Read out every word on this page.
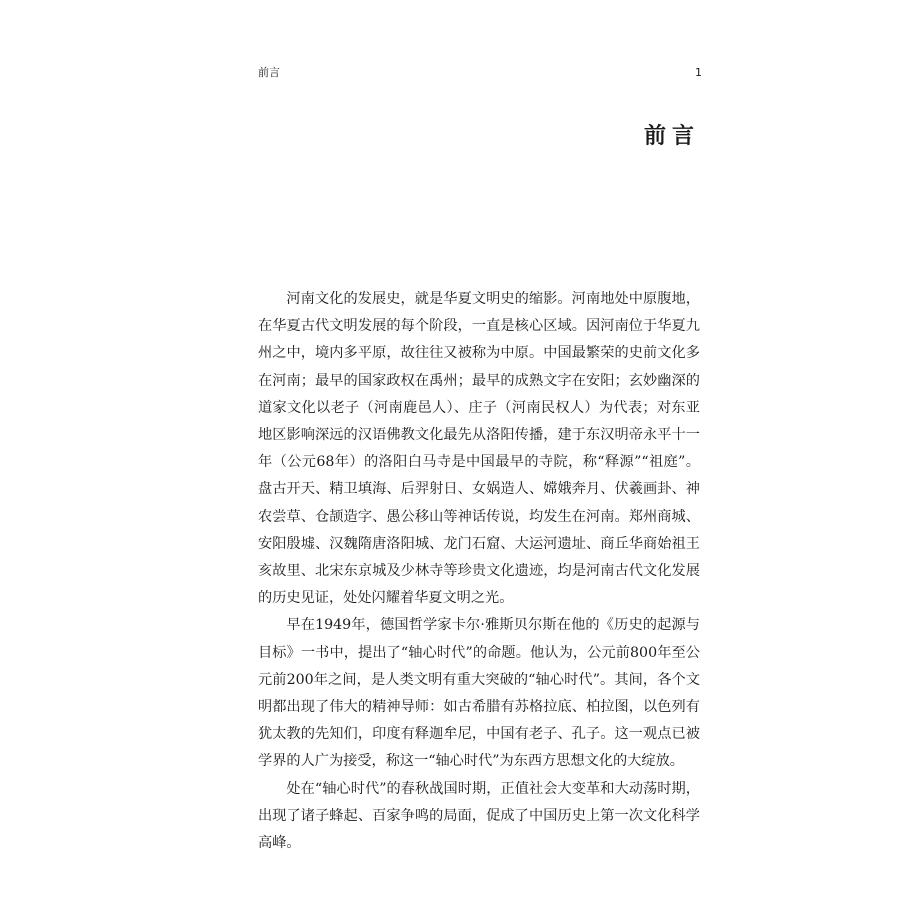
前言	1
前言

河南文化的发展史，就是华夏文明史的缩影。河南地处中原腹地，在华夏古代文明发展的每个阶段，一直是核心区域。因河南位于华夏九州之中，境内多平原，故往往又被称为中原。中国最繁荣的史前文化多在河南；最早的国家政权在禹州；最早的成熟文字在安阳；玄妙幽深的道家文化以老子（河南鹿邑人）、庄子（河南民权人）为代表；对东亚地区影响深远的汉语佛教文化最先从洛阳传播，建于东汉明帝永平十一年（公元68年）的洛阳白马寺是中国最早的寺院，称“释源”“祖庭”。盘古开天、精卫填海、后羿射日、女娲造人、嫦娥奔月、伏羲画卦、神农尝草、仓颉造字、愚公移山等神话传说，均发生在河南。郑州商城、安阳殷墟、汉魏隋唐洛阳城、龙门石窟、大运河遗址、商丘华商始祖王亥故里、北宋东京城及少林寺等珍贵文化遗迹，均是河南古代文化发展的历史见证，处处闪耀着华夏文明之光。

早在1949年，德国哲学家卡尔·雅斯贝尔斯在他的《历史的起源与目标》一书中，提出了“轴心时代”的命题。他认为，公元前800年至公元前200年之间，是人类文明有重大突破的“轴心时代”。其间，各个文明都出现了伟大的精神导师：如古希腊有苏格拉底、柏拉图，以色列有犹太教的先知们，印度有释迦牟尼，中国有老子、孔子。这一观点已被学界的人广为接受，称这一“轴心时代”为东西方思想文化的大绽放。

处在“轴心时代”的春秋战国时期，正值社会大变革和大动荡时期，出现了诸子蜂起、百家争鸣的局面，促成了中国历史上第一次文化科学高峰。
